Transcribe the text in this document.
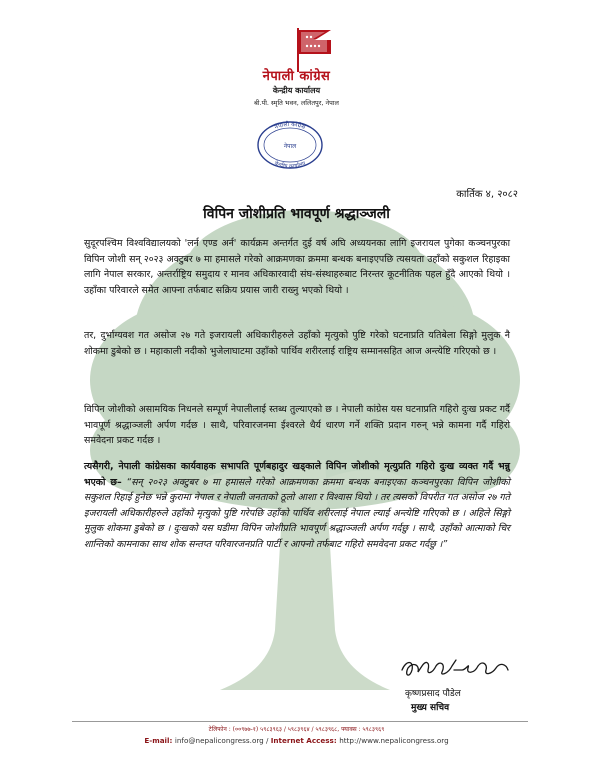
नेपाली कांग्रेस
केन्द्रीय कार्यालय
बी.पी. स्मृति भवन, ललितपुर, नेपाल
नेपाली कांग्रेस
नेपाल
केन्द्रीय कार्यालय
कार्तिक ४, २०८२
विपिन जोशीप्रति भावपूर्ण श्रद्धाञ्जली
सुदूरपश्चिम विश्वविद्यालयको 'लर्न एण्ड अर्न' कार्यक्रम अन्तर्गत दुई वर्ष अघि अध्ययनका लागि इजरायल पुगेका कञ्चनपुरका विपिन जोशी सन् २०२३ अक्टुबर ७ मा हमासले गरेको आक्रमणका क्रममा बन्धक बनाइएपछि त्यसयता उहाँको सकुशल रिहाइका लागि नेपाल सरकार, अन्तर्राष्ट्रिय समुदाय र मानव अधिकारवादी संघ-संस्थाहरुबाट निरन्तर कूटनीतिक पहल हुँदै आएको थियो । उहाँका परिवारले समेत आफ्ना तर्फबाट सक्रिय प्रयास जारी राख्नु भएको थियो ।
तर, दुर्भाग्यवश गत असोज २७ गते इजरायली अधिकारीहरुले उहाँको मृत्युको पुष्टि गरेको घटनाप्रति यतिबेला सिङ्गो मुलुक नै शोकमा डुबेको छ । महाकाली नदीको भुजेलाघाटमा उहाँको पार्थिव शरीरलाई राष्ट्रिय सम्मानसहित आज अन्त्येष्टि गरिएको छ ।
विपिन जोशीको असामयिक निधनले सम्पूर्ण नेपालीलाई स्तब्ध तुल्याएको छ । नेपाली कांग्रेस यस घटनाप्रति गहिरो दुःख प्रकट गर्दै भावपूर्ण श्रद्धाञ्जली अर्पण गर्दछ । साथै, परिवारजनमा ईश्वरले धैर्य धारण गर्ने शक्ति प्रदान गरुन् भन्ने कामना गर्दै गहिरो समवेदना प्रकट गर्दछ ।
त्यसैगरी, नेपाली कांग्रेसका कार्यवाहक सभापति पूर्णबहादुर खड्काले विपिन जोशीको मृत्युप्रति गहिरो दुःख व्यक्त गर्दै भन्नु भएको छ– “सन् २०२३ अक्टुबर ७ मा हमासले गरेको आक्रमणका क्रममा बन्धक बनाइएका कञ्चनपुरका विपिन जोशीको सकुशल रिहाई हुनेछ भन्ने कुरामा नेपाल र नेपाली जनताको ठूलो आशा र विश्वास थियो । तर त्यसको विपरीत गत असोज २७ गते इजरायली अधिकारीहरुले उहाँको मृत्युको पुष्टि गरेपछि उहाँको पार्थिव शरीरलाई नेपाल ल्याई अन्त्येष्टि गरिएको छ । अहिले सिङ्गो मुलुक शोकमा डुबेको छ । दुःखको यस घडीमा विपिन जोशीप्रति भावपूर्ण श्रद्धाञ्जली अर्पण गर्दछु । साथै, उहाँको आत्माको चिर शान्तिको कामनाका साथ शोक सन्तप्त परिवारजनप्रति पार्टी र आफ्नो तर्फबाट गहिरो समवेदना प्रकट गर्दछु ।”
कृष्णप्रसाद पौडेल
मुख्य सचिव
टेलिफोन : (००९७७-१) ५९८३९६३ / ५९८३९६४ / ५९८३९६८, फ्याक्स : ५९८३९६९
E-mail: info@nepalicongress.org / Internet Access: http://www.nepalicongress.org
